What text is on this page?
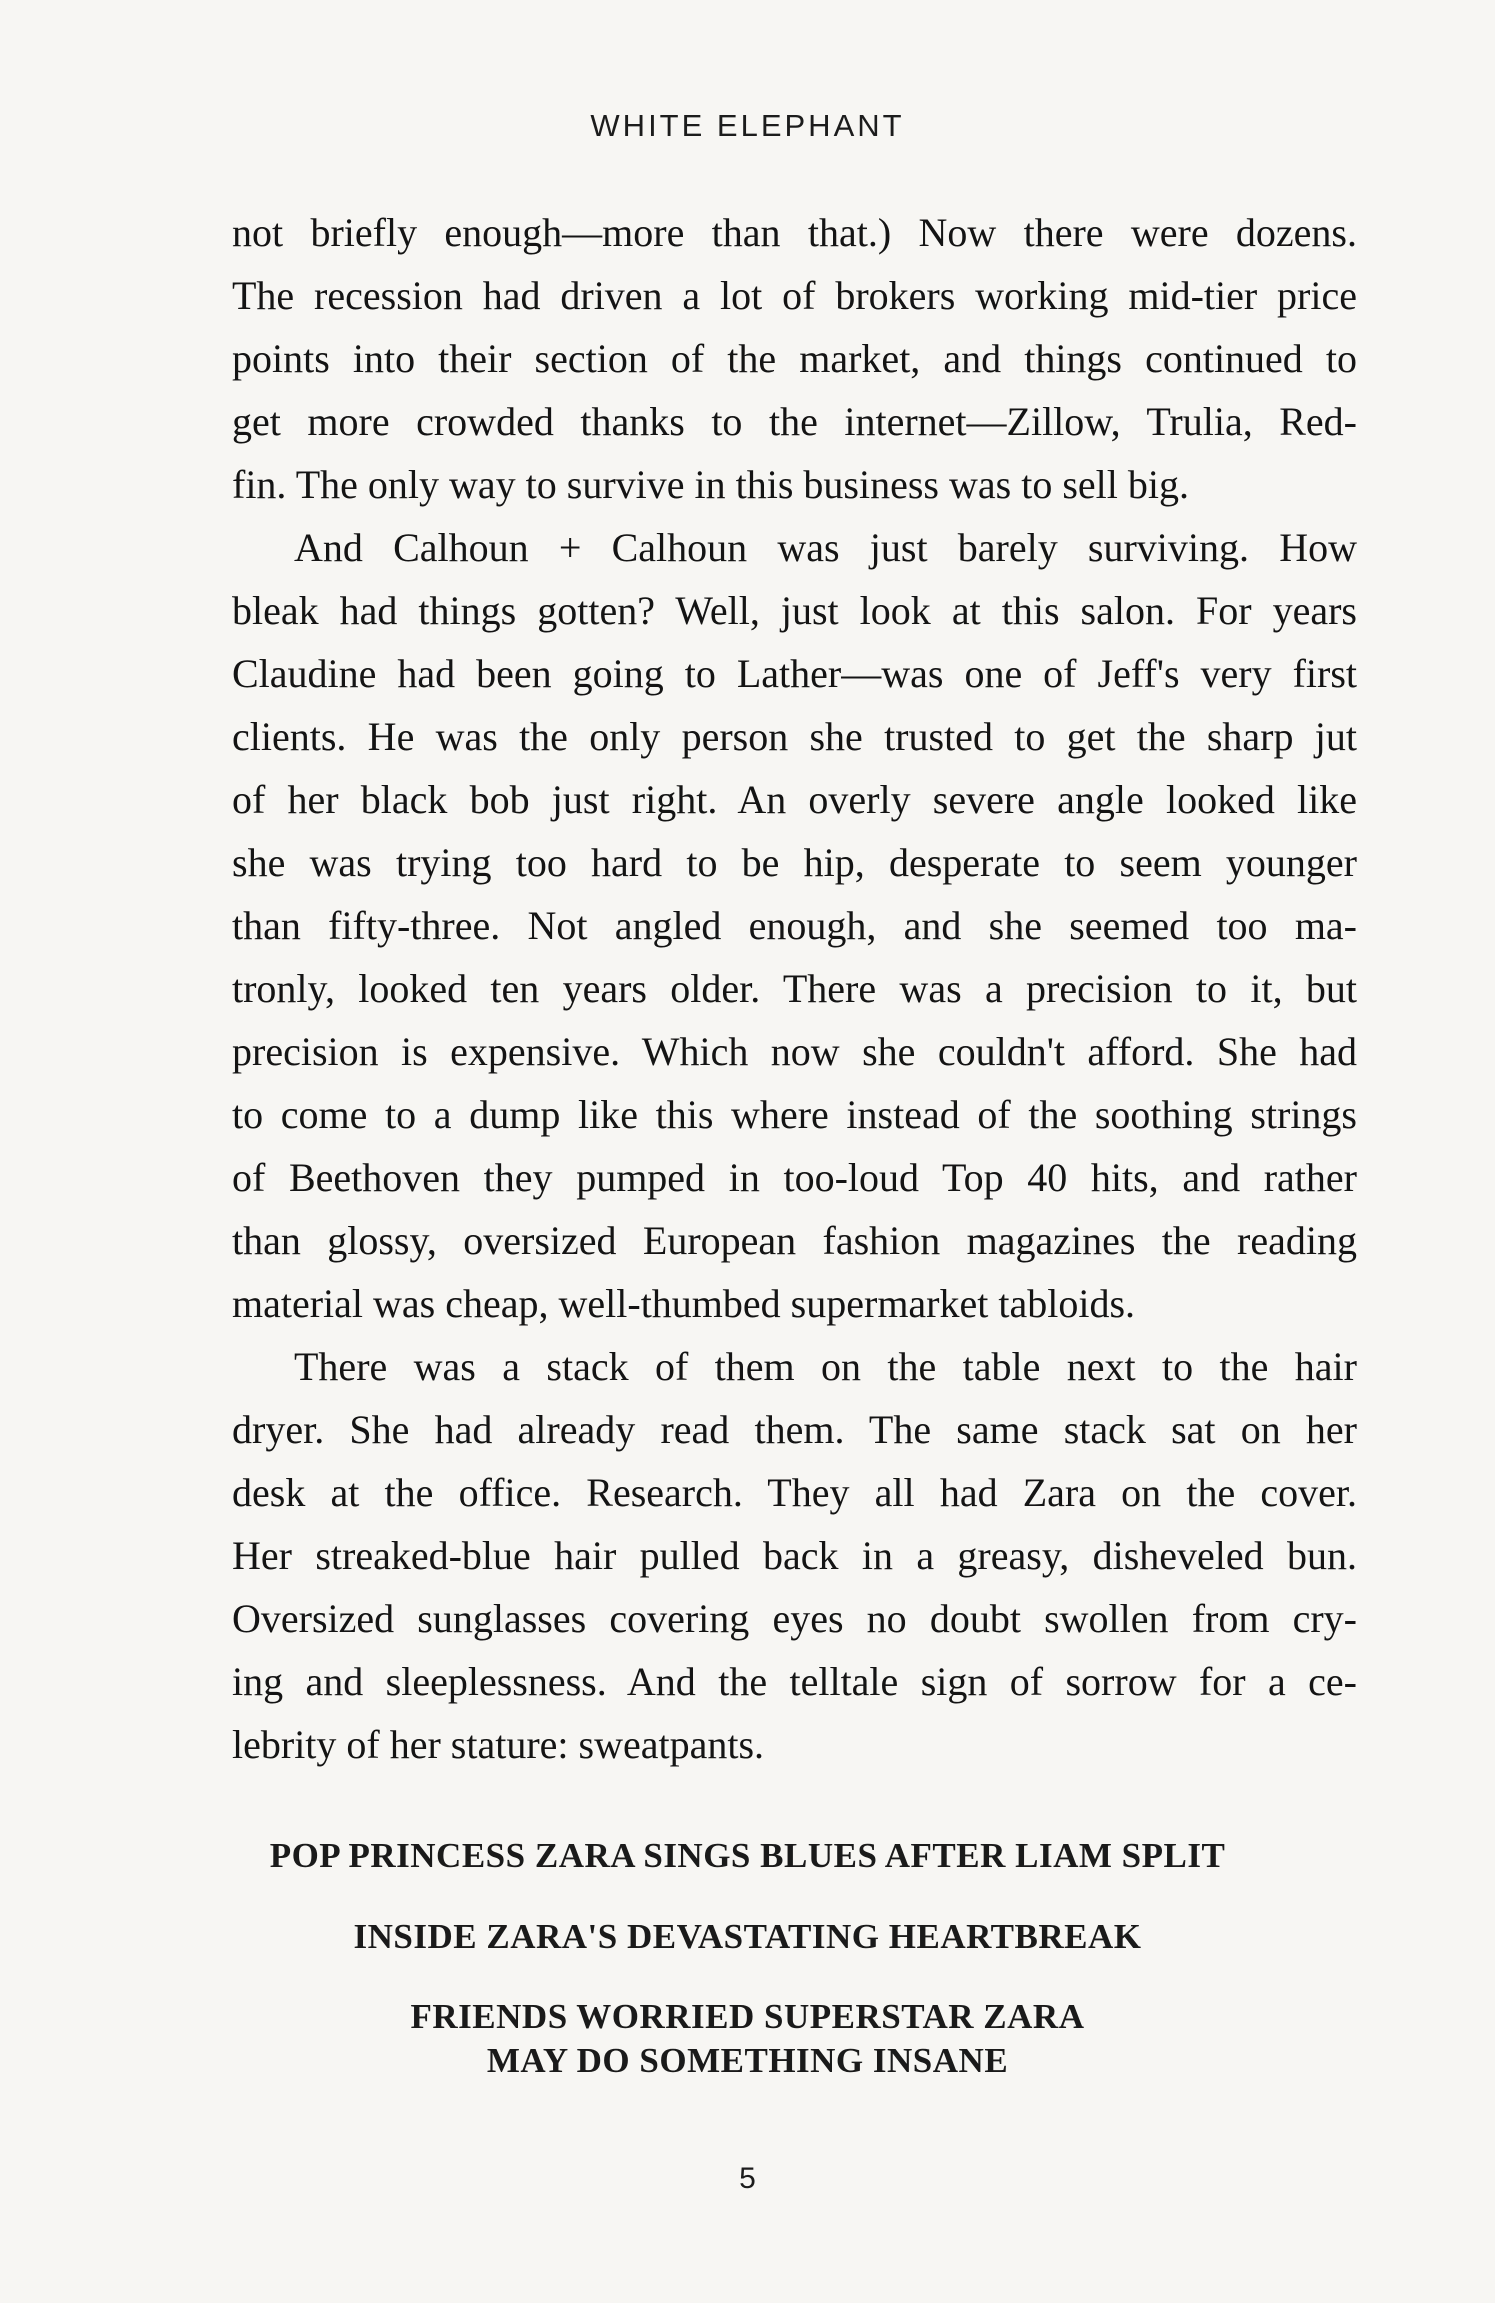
WHITE ELEPHANT
not briefly enough—more than that.) Now there were dozens.
The recession had driven a lot of brokers working mid-tier price
points into their section of the market, and things continued to
get more crowded thanks to the internet—Zillow, Trulia, Red-
fin. The only way to survive in this business was to sell big.
And Calhoun + Calhoun was just barely surviving. How
bleak had things gotten? Well, just look at this salon. For years
Claudine had been going to Lather—was one of Jeff's very first
clients. He was the only person she trusted to get the sharp jut
of her black bob just right. An overly severe angle looked like
she was trying too hard to be hip, desperate to seem younger
than fifty-three. Not angled enough, and she seemed too ma-
tronly, looked ten years older. There was a precision to it, but
precision is expensive. Which now she couldn't afford. She had
to come to a dump like this where instead of the soothing strings
of Beethoven they pumped in too-loud Top 40 hits, and rather
than glossy, oversized European fashion magazines the reading
material was cheap, well-thumbed supermarket tabloids.
There was a stack of them on the table next to the hair
dryer. She had already read them. The same stack sat on her
desk at the office. Research. They all had Zara on the cover.
Her streaked-blue hair pulled back in a greasy, disheveled bun.
Oversized sunglasses covering eyes no doubt swollen from cry-
ing and sleeplessness. And the telltale sign of sorrow for a ce-
lebrity of her stature: sweatpants.
POP PRINCESS ZARA SINGS BLUES AFTER LIAM SPLIT
INSIDE ZARA'S DEVASTATING HEARTBREAK
FRIENDS WORRIED SUPERSTAR ZARA
MAY DO SOMETHING INSANE
5
